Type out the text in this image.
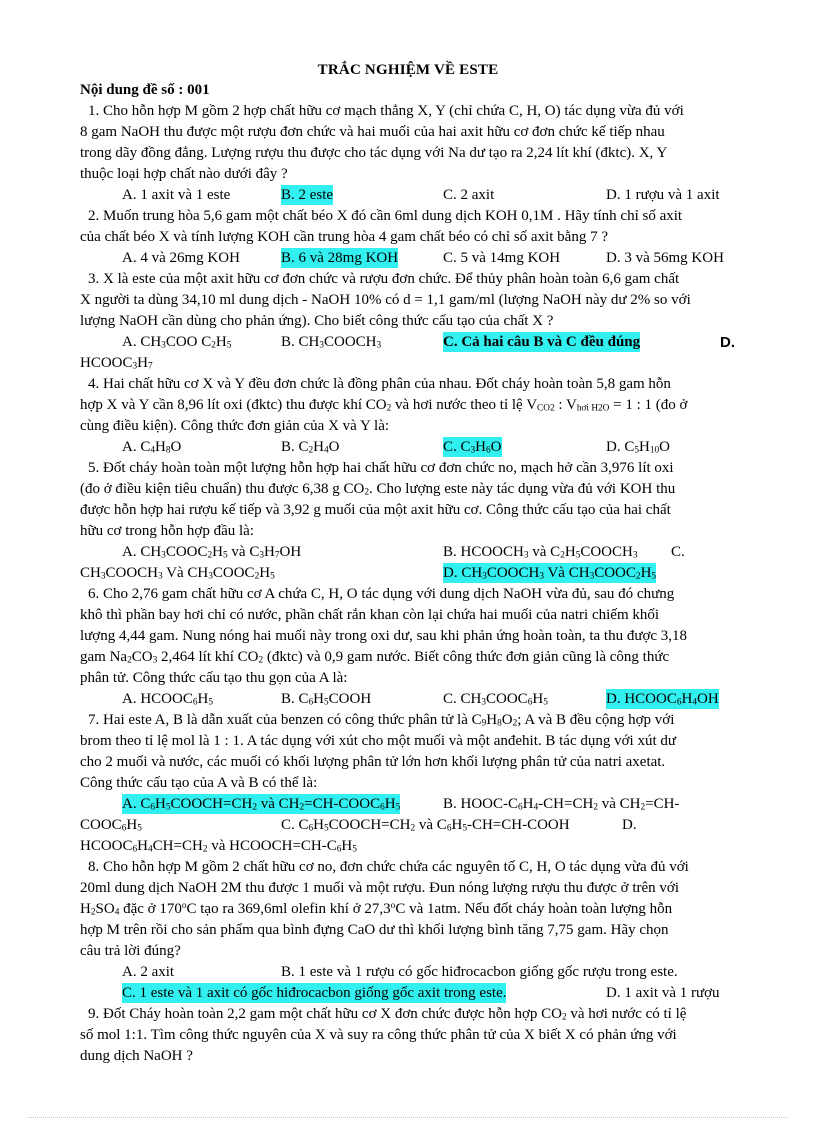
TRẮC NGHIỆM VỀ ESTE
Nội dung đề số : 001
1. Cho hỗn hợp M gồm 2 hợp chất hữu cơ mạch thẳng X, Y (chỉ chứa C, H, O) tác dụng vừa đủ với
8 gam NaOH thu được một rượu đơn chức và hai muối của hai axit hữu cơ đơn chức kế tiếp nhau
trong dãy đồng đẳng. Lượng rượu thu được cho tác dụng với Na dư tạo ra 2,24 lít khí (đktc). X, Y
thuộc loại hợp chất nào dưới đây ?
A. 1 axit và 1 este	B. 2 este	C. 2 axit	D. 1 rượu và 1 axit
2. Muốn trung hòa 5,6 gam một chất béo X đó cần 6ml dung dịch KOH 0,1M . Hãy tính chỉ số axit
của chất béo X và tính lượng KOH cần trung hòa 4 gam chất béo có chỉ số axit bằng 7 ?
A. 4 và 26mg KOH	B. 6 và 28mg KOH	C. 5 và 14mg KOH	D. 3 và 56mg KOH
3. X là este của một axit hữu cơ đơn chức và rượu đơn chức. Để thủy phân hoàn toàn 6,6 gam chất
X người ta dùng 34,10 ml dung dịch - NaOH 10% có d = 1,1 gam/ml (lượng NaOH này dư 2% so với
lượng NaOH cần dùng cho phản ứng). Cho biết công thức cấu tạo của chất X ?
A. $CH_3COO$ $C_2H_5$	B. $CH_3COOCH_3$	C. Cả hai câu B và C đều đúng	D.
$HCOOC_3H_7$
4. Hai chất hữu cơ X và Y đều đơn chức là đồng phân của nhau. Đốt cháy hoàn toàn 5,8 gam hỗn
hợp X và Y cần 8,96 lít oxi (đktc) thu được khí $CO_2$ và hơi nước theo tỉ lệ $V_{CO2}$ : $V_{hơi H2O} = 1$ : 1 (đo ở
cùng điều kiện). Công thức đơn giản của X và Y là:
A. $C_4H_8O$	B. $C_2H_4O$	C. $C_3H_6O$	D. $C_5H_{10}O$
5. Đốt cháy hoàn toàn một lượng hỗn hợp hai chất hữu cơ đơn chức no, mạch hở cần 3,976 lít oxi
(đo ở điều kiện tiêu chuẩn) thu được 6,38 g $CO_2$. Cho lượng este này tác dụng vừa đủ với KOH thu
được hỗn hợp hai rượu kế tiếp và 3,92 g muối của một axit hữu cơ. Công thức cấu tạo của hai chất
hữu cơ trong hỗn hợp đầu là:
A. $CH_3COOC_2H_5$ và $C_3H_7OH$	B. $HCOOCH_3$ và $C_2H_5COOCH_3$ C.
$CH_3COOCH_3$ Và $CH_3COOC_2H_5$	D. $CH_3COOCH_3$ Và $CH_3COOC_2H_5$
6. Cho 2,76 gam chất hữu cơ A chứa C, H, O tác dụng với dung dịch NaOH vừa đủ, sau đó chưng
khô thì phần bay hơi chỉ có nước, phần chất rắn khan còn lại chứa hai muối của natri chiếm khối
lượng 4,44 gam. Nung nóng hai muối này trong oxi dư, sau khi phản ứng hoàn toàn, ta thu được 3,18
gam $Na_2CO_3$ 2,464 lít khí $CO_2$ (đktc) và 0,9 gam nước. Biết công thức đơn giản cũng là công thức
phân tử. Công thức cấu tạo thu gọn của A là:
A. $HCOOC_6H_5$	B. $C_6H_5COOH$	C. $CH_3COOC_6H_5$	D. $HCOOC_6H_4OH$
7. Hai este A, B là dẫn xuất của benzen có công thức phân tử là $C_9H_8O_2$; A và B đều cộng hợp với
brom theo tỉ lệ mol là 1 : 1. A tác dụng với xút cho một muối và một anđehit. B tác dụng với xút dư
cho 2 muối và nước, các muối có khối lượng phân tử lớn hơn khối lượng phân tử của natri axetat.
Công thức cấu tạo của A và B có thể là:
A. $C_6H_5COOCH=CH_2$ và $CH_2=CH-COOC_6H_5$	B. HOOC-$C_6H_4-CH=CH_2$ và $CH_2=CH-$
$COOC_6H_5$	C. $C_6H_5COOCH=CH_2$ và $C_6H_5-CH=CH$-COOH	D.
$HCOOC_6H_4CH=CH_2$ và $HCOOCH=CH-C_6H_5$
8. Cho hỗn hợp M gồm 2 chất hữu cơ no, đơn chức chứa các nguyên tố C, H, O tác dụng vừa đủ với
20ml dung dịch NaOH 2M thu được 1 muối và một rượu. Đun nóng lượng rượu thu được ở trên với
$H_2SO_4$ đặc ở 170$^o$C tạo ra 369,6ml olefin khí ở 27,3$^o$C và 1atm. Nếu đốt cháy hoàn toàn lượng hỗn
hợp M trên rồi cho sản phẩm qua bình đựng CaO dư thì khối lượng bình tăng 7,75 gam. Hãy chọn
câu trả lời đúng?
A. 2 axit	B. 1 este và 1 rượu có gốc hiđrocacbon giống gốc rượu trong este.
C. 1 este và 1 axit có gốc hiđrocacbon giống gốc axit trong este.	D. 1 axit và 1 rượu
9. Đốt Cháy hoàn toàn 2,2 gam một chất hữu cơ X đơn chức được hỗn hợp $CO_2$ và hơi nước có tỉ lệ
số mol 1:1. Tìm công thức nguyên của X và suy ra công thức phân tử của X biết X có phản ứng với
dung dịch NaOH ?
